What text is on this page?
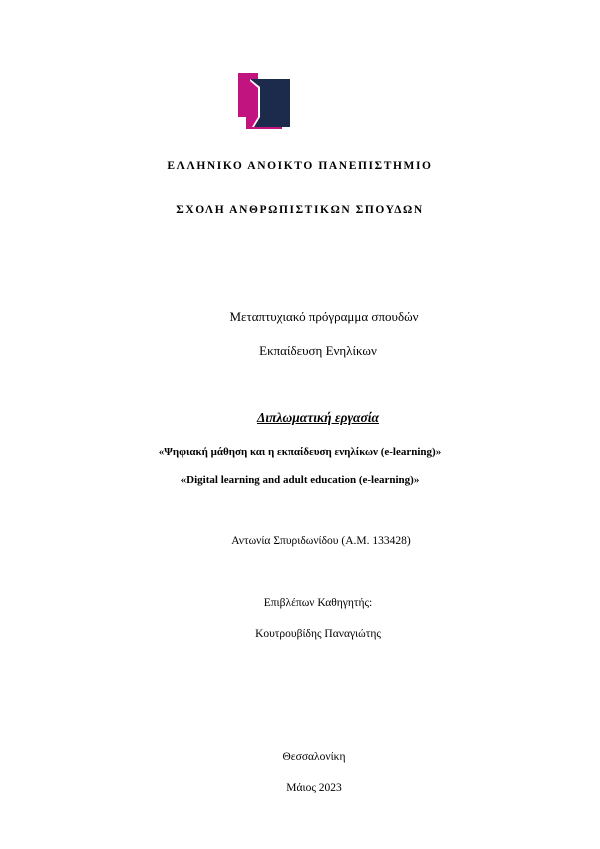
ΕΛΛΗΝΙΚΟ ΑΝΟΙΚΤΟ ΠΑΝΕΠΙΣΤΗΜΙΟ
ΣΧΟΛΗ ΑΝΘΡΩΠΙΣΤΙΚΩΝ ΣΠΟΥΔΩΝ
Μεταπτυχιακό πρόγραμμα σπουδών
Εκπαίδευση Ενηλίκων
Διπλωματική εργασία
«Ψηφιακή μάθηση και η εκπαίδευση ενηλίκων (e-learning)»
«Digital learning and adult education (e-learning)»
Αντωνία Σπυριδωνίδου (Α.Μ. 133428)
Επιβλέπων Καθηγητής:
Κουτρουβίδης Παναγιώτης
Θεσσαλονίκη
Μάιος 2023
